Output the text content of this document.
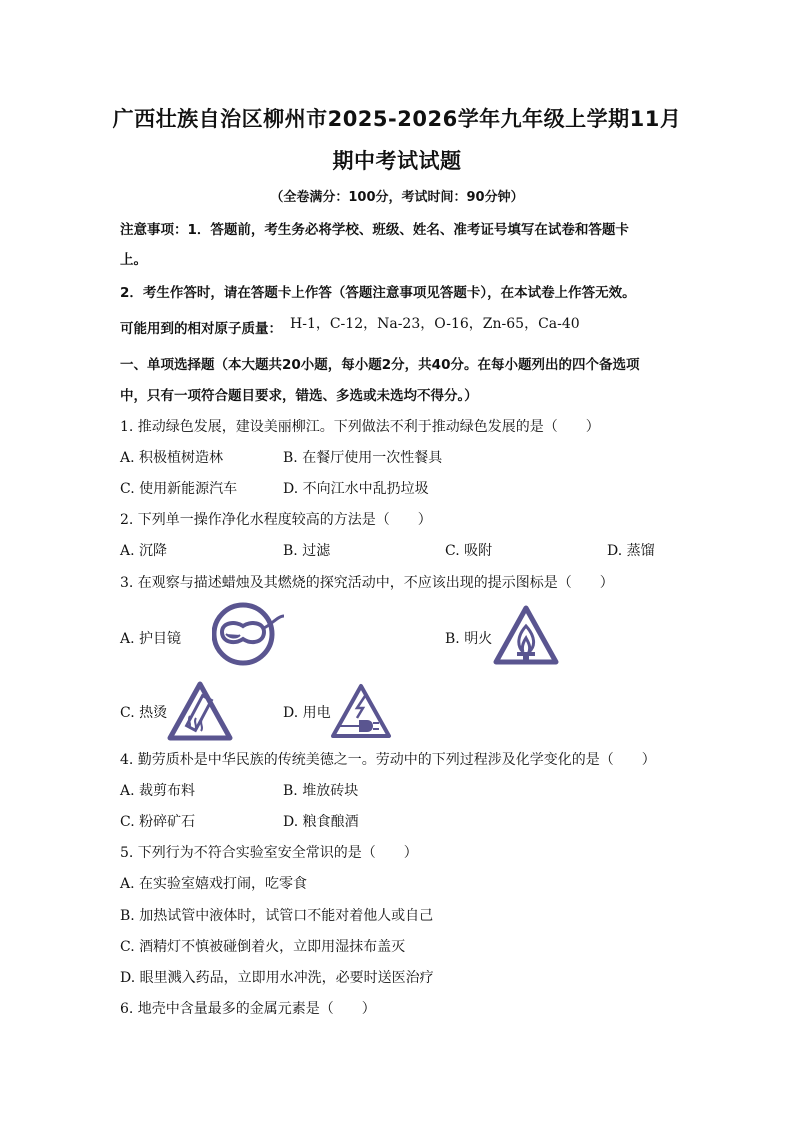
广西壮族自治区柳州市2025-2026学年九年级上学期11月
期中考试试题
（全卷满分：100分，考试时间：90分钟）
注意事项：1．答题前，考生务必将学校、班级、姓名、准考证号填写在试卷和答题卡
上。
2．考生作答时，请在答题卡上作答（答题注意事项见答题卡），在本试卷上作答无效。
可能用到的相对原子质量： H-1，C-12，Na-23，O-16，Zn-65，Ca-40
一、单项选择题（本大题共20小题，每小题2分，共40分。在每小题列出的四个备选项
中，只有一项符合题目要求，错选、多选或未选均不得分。）
1. 推动绿色发展，建设美丽柳江。下列做法不利于推动绿色发展的是（　　）
A. 积极植树造林	B. 在餐厅使用一次性餐具
C. 使用新能源汽车	D. 不向江水中乱扔垃圾
2. 下列单一操作净化水程度较高的方法是（　　）
A. 沉降	B. 过滤	C. 吸附	D. 蒸馏
3. 在观察与描述蜡烛及其燃烧的探究活动中，不应该出现的提示图标是（　　）
A. 护目镜	B. 明火
C. 热烫	D. 用电
4. 勤劳质朴是中华民族的传统美德之一。劳动中的下列过程涉及化学变化的是（　　）
A. 裁剪布料	B. 堆放砖块
C. 粉碎矿石	D. 粮食酿酒
5. 下列行为不符合实验室安全常识的是（　　）
A. 在实验室嬉戏打闹，吃零食
B. 加热试管中液体时，试管口不能对着他人或自己
C. 酒精灯不慎被碰倒着火，立即用湿抹布盖灭
D. 眼里溅入药品，立即用水冲洗，必要时送医治疗
6. 地壳中含量最多的金属元素是（　　）
